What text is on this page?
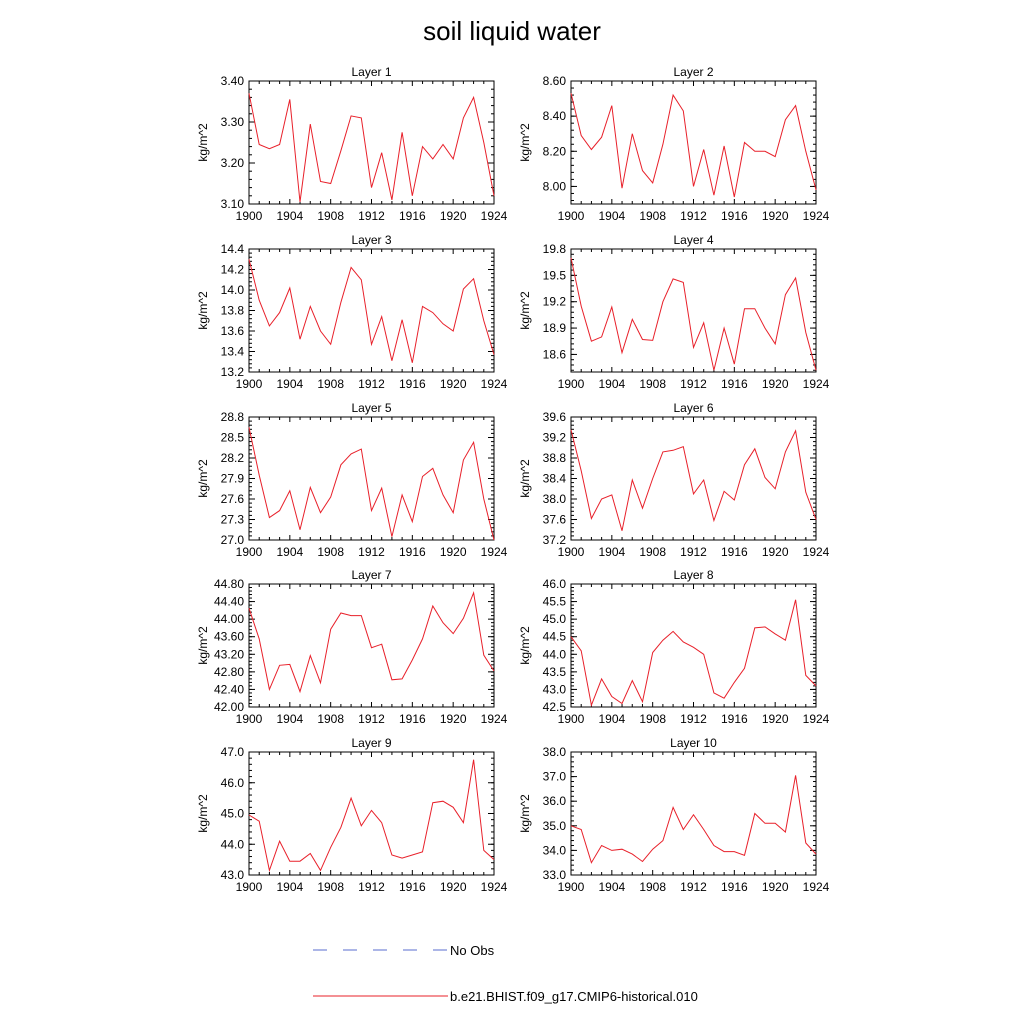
soil liquid water
Layer 1
kg/m^2
1900 1904 1908 1912 1916 1920 1924
3.10
3.20
3.30
3.40
Layer 2
kg/m^2
1900 1904 1908 1912 1916 1920 1924
8.00
8.20
8.40
8.60
Layer 3
kg/m^2
1900 1904 1908 1912 1916 1920 1924
13.2
13.4
13.6
13.8
14.0
14.2
14.4
Layer 4
kg/m^2
1900 1904 1908 1912 1916 1920 1924
18.6
18.9
19.2
19.5
19.8
Layer 5
kg/m^2
1900 1904 1908 1912 1916 1920 1924
27.0
27.3
27.6
27.9
28.2
28.5
28.8
Layer 6
kg/m^2
1900 1904 1908 1912 1916 1920 1924
37.2
37.6
38.0
38.4
38.8
39.2
39.6
Layer 7
kg/m^2
1900 1904 1908 1912 1916 1920 1924
42.00
42.40
42.80
43.20
43.60
44.00
44.40
44.80
Layer 8
kg/m^2
1900 1904 1908 1912 1916 1920 1924
42.5
43.0
43.5
44.0
44.5
45.0
45.5
46.0
Layer 9
kg/m^2
1900 1904 1908 1912 1916 1920 1924
43.0
44.0
45.0
46.0
47.0
Layer 10
kg/m^2
1900 1904 1908 1912 1916 1920 1924
33.0
34.0
35.0
36.0
37.0
38.0
No Obs
b.e21.BHIST.f09_g17.CMIP6-historical.010
